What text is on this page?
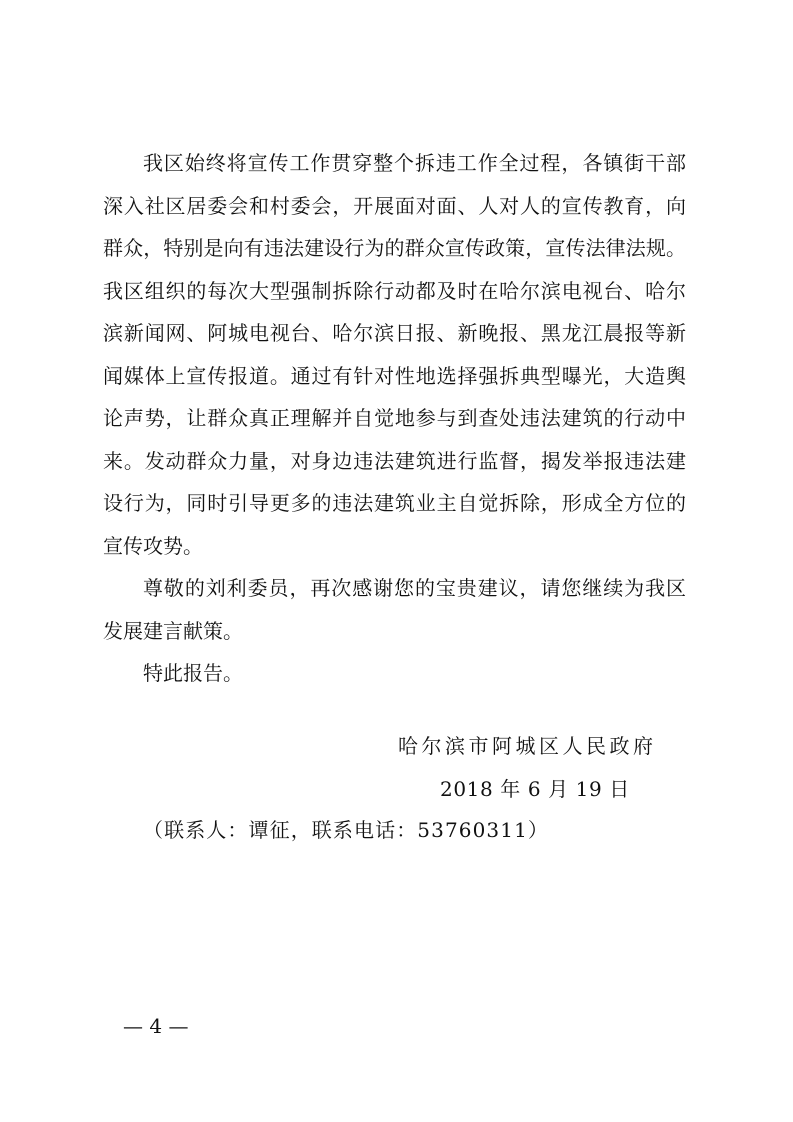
我区始终将宣传工作贯穿整个拆违工作全过程，各镇街干部
深入社区居委会和村委会，开展面对面、人对人的宣传教育，向
群众，特别是向有违法建设行为的群众宣传政策，宣传法律法规。
我区组织的每次大型强制拆除行动都及时在哈尔滨电视台、哈尔
滨新闻网、阿城电视台、哈尔滨日报、新晚报、黑龙江晨报等新
闻媒体上宣传报道。通过有针对性地选择强拆典型曝光，大造舆
论声势，让群众真正理解并自觉地参与到查处违法建筑的行动中
来。发动群众力量，对身边违法建筑进行监督，揭发举报违法建
设行为，同时引导更多的违法建筑业主自觉拆除，形成全方位的
宣传攻势。
尊敬的刘利委员，再次感谢您的宝贵建议，请您继续为我区
发展建言献策。
特此报告。
哈尔滨市阿城区人民政府
2018 年 6 月 19 日
（联系人：谭征，联系电话：53760311）
— 4 —
